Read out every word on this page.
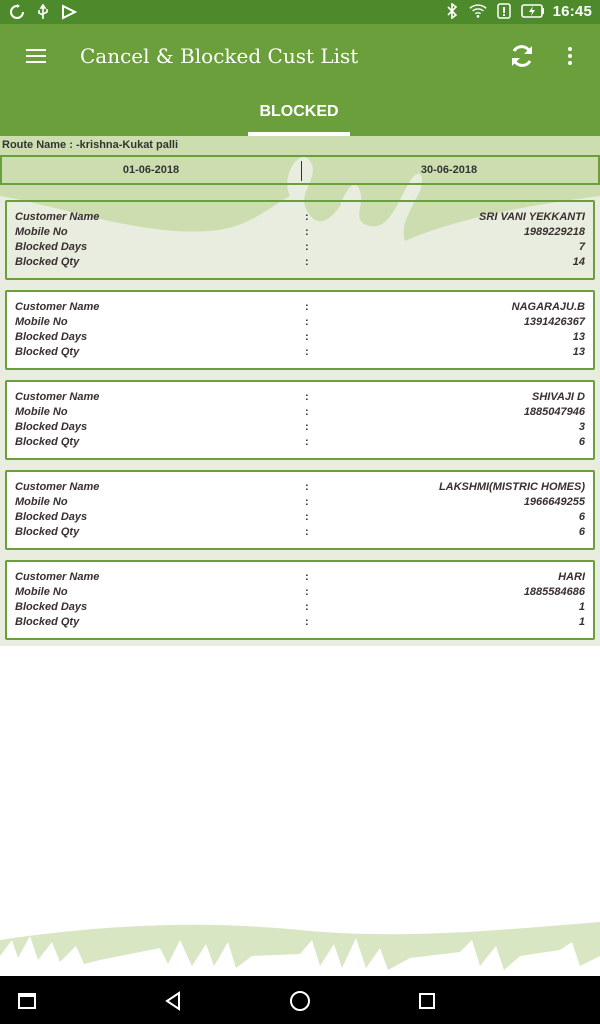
16:45
Cancel & Blocked Cust List
BLOCKED
Route Name : -krishna-Kukat palli
01-06-2018	30-06-2018
Customer Name	:	SRI VANI YEKKANTI
Mobile No	:	1989229218
Blocked Days	:	7
Blocked Qty	:	14
Customer Name	:	NAGARAJU.B
Mobile No	:	1391426367
Blocked Days	:	13
Blocked Qty	:	13
Customer Name	:	SHIVAJI D
Mobile No	:	1885047946
Blocked Days	:	3
Blocked Qty	:	6
Customer Name	:	LAKSHMI(MISTRIC HOMES)
Mobile No	:	1966649255
Blocked Days	:	6
Blocked Qty	:	6
Customer Name	:	HARI
Mobile No	:	1885584686
Blocked Days	:	1
Blocked Qty	:	1
